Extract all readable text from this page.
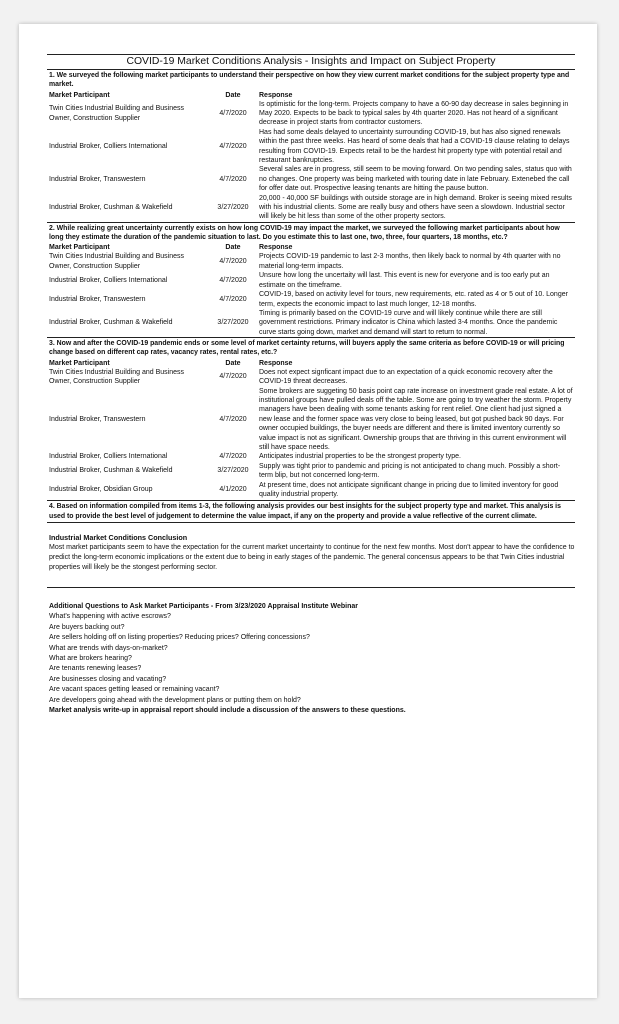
COVID-19 Market Conditions Analysis - Insights and Impact on Subject Property
1. We surveyed the following market participants to understand their perspective on how they view current market conditions for the subject property type and market.
Market Participant	Date	Response
Twin Cities Industrial Building and Business Owner, Construction Supplier	4/7/2020	Is optimistic for the long-term. Projects company to have a 60-90 day decrease in sales beginning in May 2020. Expects to be back to typical sales by 4th quarter 2020. Has not heard of a significant decrease in project starts from contractor customers.
Industrial Broker, Colliers International	4/7/2020	Has had some deals delayed to uncertainty surrounding COVID-19, but has also signed renewals within the past three weeks. Has heard of some deals that had a COVID-19 clause relating to delays resulting from COVID-19. Expects retail to be the hardest hit property type with potential retail and restaurant bankruptcies.
Industrial Broker, Transwestern	4/7/2020	Several sales are in progress, still seem to be moving forward. On two pending sales, status quo with no changes. One property was being marketed with touring date in late February. Extenebed the call for offer date out. Prospective leasing tenants are hitting the pause button.
Industrial Broker, Cushman & Wakefield	3/27/2020	20,000 - 40,000 SF buildings with outside storage are in high demand. Broker is seeing mixed results with his industrial clients. Some are really busy and others have seen a slowdown. Industrial sector will likely be hit less than some of the other property sectors.
2. While realizing great uncertainty currently exists on how long COVID-19 may impact the market, we surveyed the following market participants about how long they estimate the duration of the pandemic situation to last. Do you estimate this to last one, two, three, four quarters, 18 months, etc.?
Market Participant	Date	Response
Twin Cities Industrial Building and Business Owner, Construction Supplier	4/7/2020	Projects COVID-19 pandemic to last 2-3 months, then likely back to normal by 4th quarter with no material long-term impacts.
Industrial Broker, Colliers International	4/7/2020	Unsure how long the uncertaity will last. This event is new for everyone and is too early put an estimate on the timeframe.
Industrial Broker, Transwestern	4/7/2020	COVID-19, based on activity level for tours, new requirements, etc. rated as 4 or 5 out of 10. Longer term, expects the economic impact to last much longer, 12-18 months.
Industrial Broker, Cushman & Wakefield	3/27/2020	Timing is primarily based on the COVID-19 curve and will likely continue while there are still government restrictions. Primary indicator is China which lasted 3-4 months. Once the pandemic curve starts going down, market and demand will start to return to normal.
3. Now and after the COVID-19 pandemic ends or some level of market certainty returns, will buyers apply the same criteria as before COVID-19 or will pricing change based on different cap rates, vacancy rates, rental rates, etc.?
Market Participant	Date	Response
Twin Cities Industrial Building and Business Owner, Construction Supplier	4/7/2020	Does not expect signficant impact due to an expectation of a quick economic recovery after the COVID-19 threat decreases.
Industrial Broker, Transwestern	4/7/2020	Some brokers are suggeting 50 basis point cap rate increase on investment grade real estate. A lot of institutional groups have pulled deals off the table. Some are going to try weather the storm. Property managers have been dealing with some tenants asking for rent relief. One client had just signed a new lease and the former space was very close to being leased, but got pushed back 90 days. For owner occupied buildings, the buyer needs are different and there is limited inventory currently so value impact is not as significant. Ownership groups that are thriving in this current environment will still have space needs.
Industrial Broker, Colliers International	4/7/2020	Anticipates industrial properties to be the strongest property type.
Industrial Broker, Cushman & Wakefield	3/27/2020	Supply was tight prior to pandemic and pricing is not anticipated to chang much. Possibly a short-term blip, but not concerned long-term.
Industrial Broker, Obsidian Group	4/1/2020	At present time, does not anticipate significant change in pricing due to limited inventory for good quality industrial property.
4. Based on information compiled from items 1-3, the following analysis provides our best insights for the subject property type and market. This analysis is used to provide the best level of judgement to determine the value impact, if any on the property and provide a value reflective of the current climate.
Industrial Market Conditions Conclusion
Most market participants seem to have the expectation for the current market uncertainty to continue for the next few months. Most don't appear to have the confidence to predict the long-term economic implications or the extent due to being in early stages of the pandemic. The general concensus appears to be that Twin Cities industrial properties will likely be the stongest performing sector.
Additional Questions to Ask Market Participants - From 3/23/2020 Appraisal Institute Webinar
What's happening with active escrows?
Are buyers backing out?
Are sellers holding off on listing properties? Reducing prices? Offering concessions?
What are trends with days-on-market?
What are brokers hearing?
Are tenants renewing leases?
Are businesses closing and vacating?
Are vacant spaces getting leased or remaining vacant?
Are developers going ahead with the development plans or putting them on hold?
Market analysis write-up in appraisal report should include a discussion of the answers to these questions.
